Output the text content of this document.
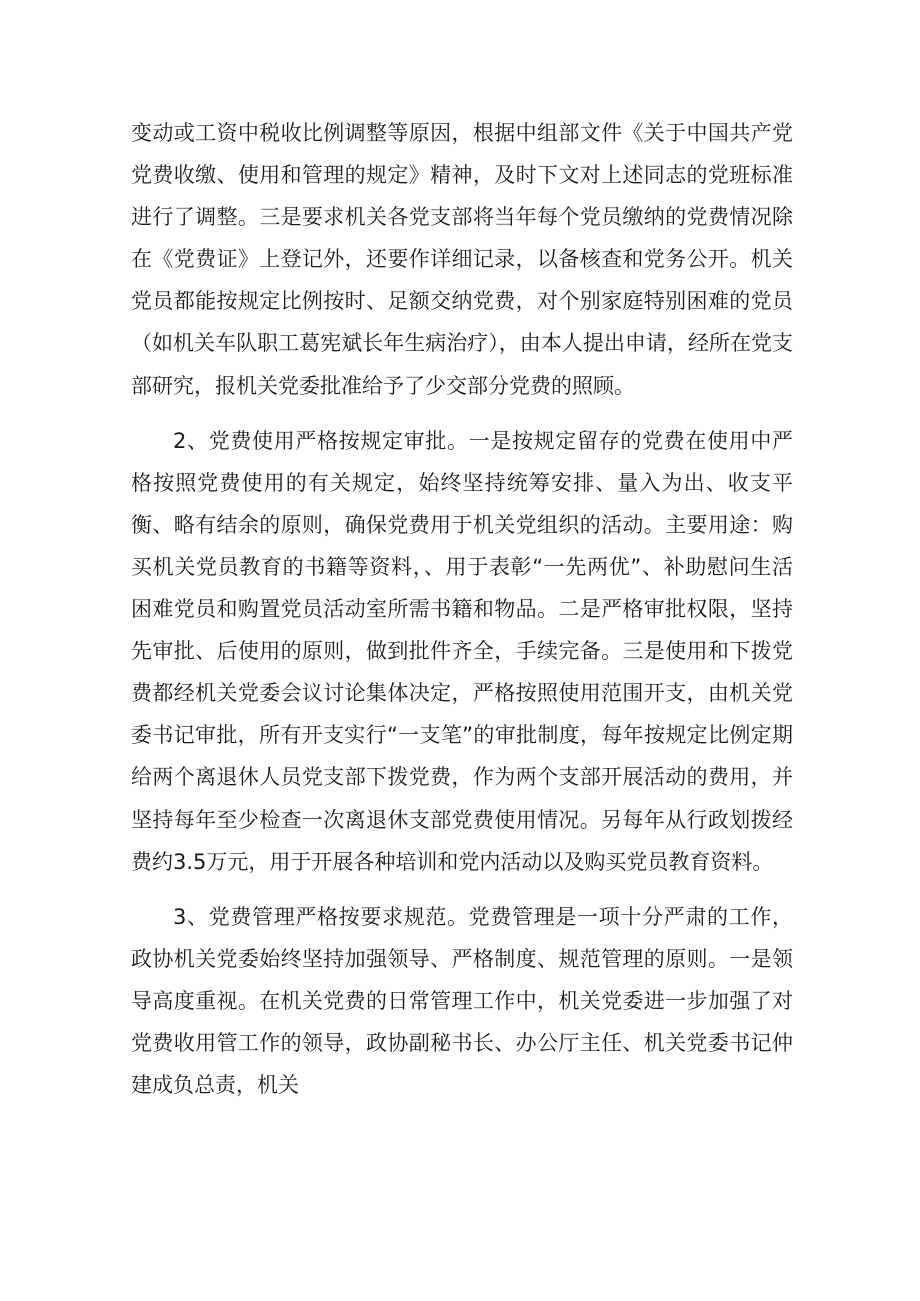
变动或工资中税收比例调整等原因，根据中组部文件《关于中国共产党党费收缴、使用和管理的规定》精神，及时下文对上述同志的党班标准进行了调整。三是要求机关各党支部将当年每个党员缴纳的党费情况除在《党费证》上登记外，还要作详细记录，以备核查和党务公开。机关党员都能按规定比例按时、足额交纳党费，对个别家庭特别困难的党员（如机关车队职工葛宪斌长年生病治疗），由本人提出申请，经所在党支部研究，报机关党委批准给予了少交部分党费的照顾。

2、党费使用严格按规定审批。一是按规定留存的党费在使用中严格按照党费使用的有关规定，始终坚持统筹安排、量入为出、收支平衡、略有结余的原则，确保党费用于机关党组织的活动。主要用途：购买机关党员教育的书籍等资料，、用于表彰“一先两优”、补助慰问生活困难党员和购置党员活动室所需书籍和物品。二是严格审批权限，坚持先审批、后使用的原则，做到批件齐全，手续完备。三是使用和下拨党费都经机关党委会议讨论集体决定，严格按照使用范围开支，由机关党委书记审批，所有开支实行“一支笔”的审批制度，每年按规定比例定期给两个离退休人员党支部下拨党费，作为两个支部开展活动的费用，并坚持每年至少检查一次离退休支部党费使用情况。另每年从行政划拨经费约3.5万元，用于开展各种培训和党内活动以及购买党员教育资料。

3、党费管理严格按要求规范。党费管理是一项十分严肃的工作，政协机关党委始终坚持加强领导、严格制度、规范管理的原则。一是领导高度重视。在机关党费的日常管理工作中，机关党委进一步加强了对党费收用管工作的领导，政协副秘书长、办公厅主任、机关党委书记仲建成负总责，机关
